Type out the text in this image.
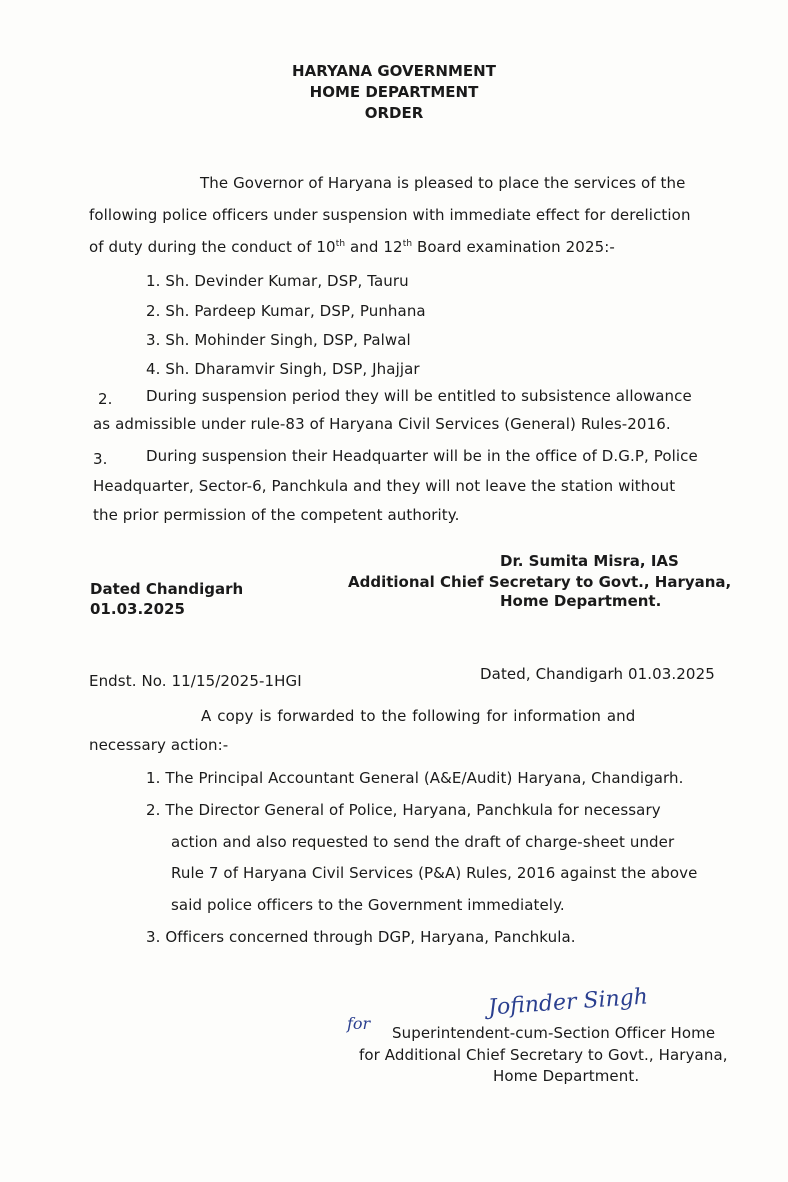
HARYANA GOVERNMENT
HOME DEPARTMENT
ORDER
The Governor of Haryana is pleased to place the services of the
following police officers under suspension with immediate effect for dereliction
of duty during the conduct of 10th and 12th Board examination 2025:-
1. Sh. Devinder Kumar, DSP, Tauru
2. Sh. Pardeep Kumar, DSP, Punhana
3. Sh. Mohinder Singh, DSP, Palwal
4. Sh. Dharamvir Singh, DSP, Jhajjar
2. During suspension period they will be entitled to subsistence allowance
as admissible under rule-83 of Haryana Civil Services (General) Rules-2016.
3.	During suspension their Headquarter will be in the office of D.G.P, Police
Headquarter, Sector-6, Panchkula and they will not leave the station without
the prior permission of the competent authority.
Dr. Sumita Misra, IAS
Additional Chief Secretary to Govt., Haryana,
Home Department.
Dated Chandigarh
01.03.2025
Endst. No. 11/15/2025-1HGI	Dated, Chandigarh 01.03.2025
A copy is forwarded to the following for information and
necessary action:-
1. The Principal Accountant General (A&E/Audit) Haryana, Chandigarh.
2. The Director General of Police, Haryana, Panchkula for necessary
action and also requested to send the draft of charge-sheet under
Rule 7 of Haryana Civil Services (P&A) Rules, 2016 against the above
said police officers to the Government immediately.
3. Officers concerned through DGP, Haryana, Panchkula.
Jofinder Singh
for Superintendent-cum-Section Officer Home
for Additional Chief Secretary to Govt., Haryana,
Home Department.
